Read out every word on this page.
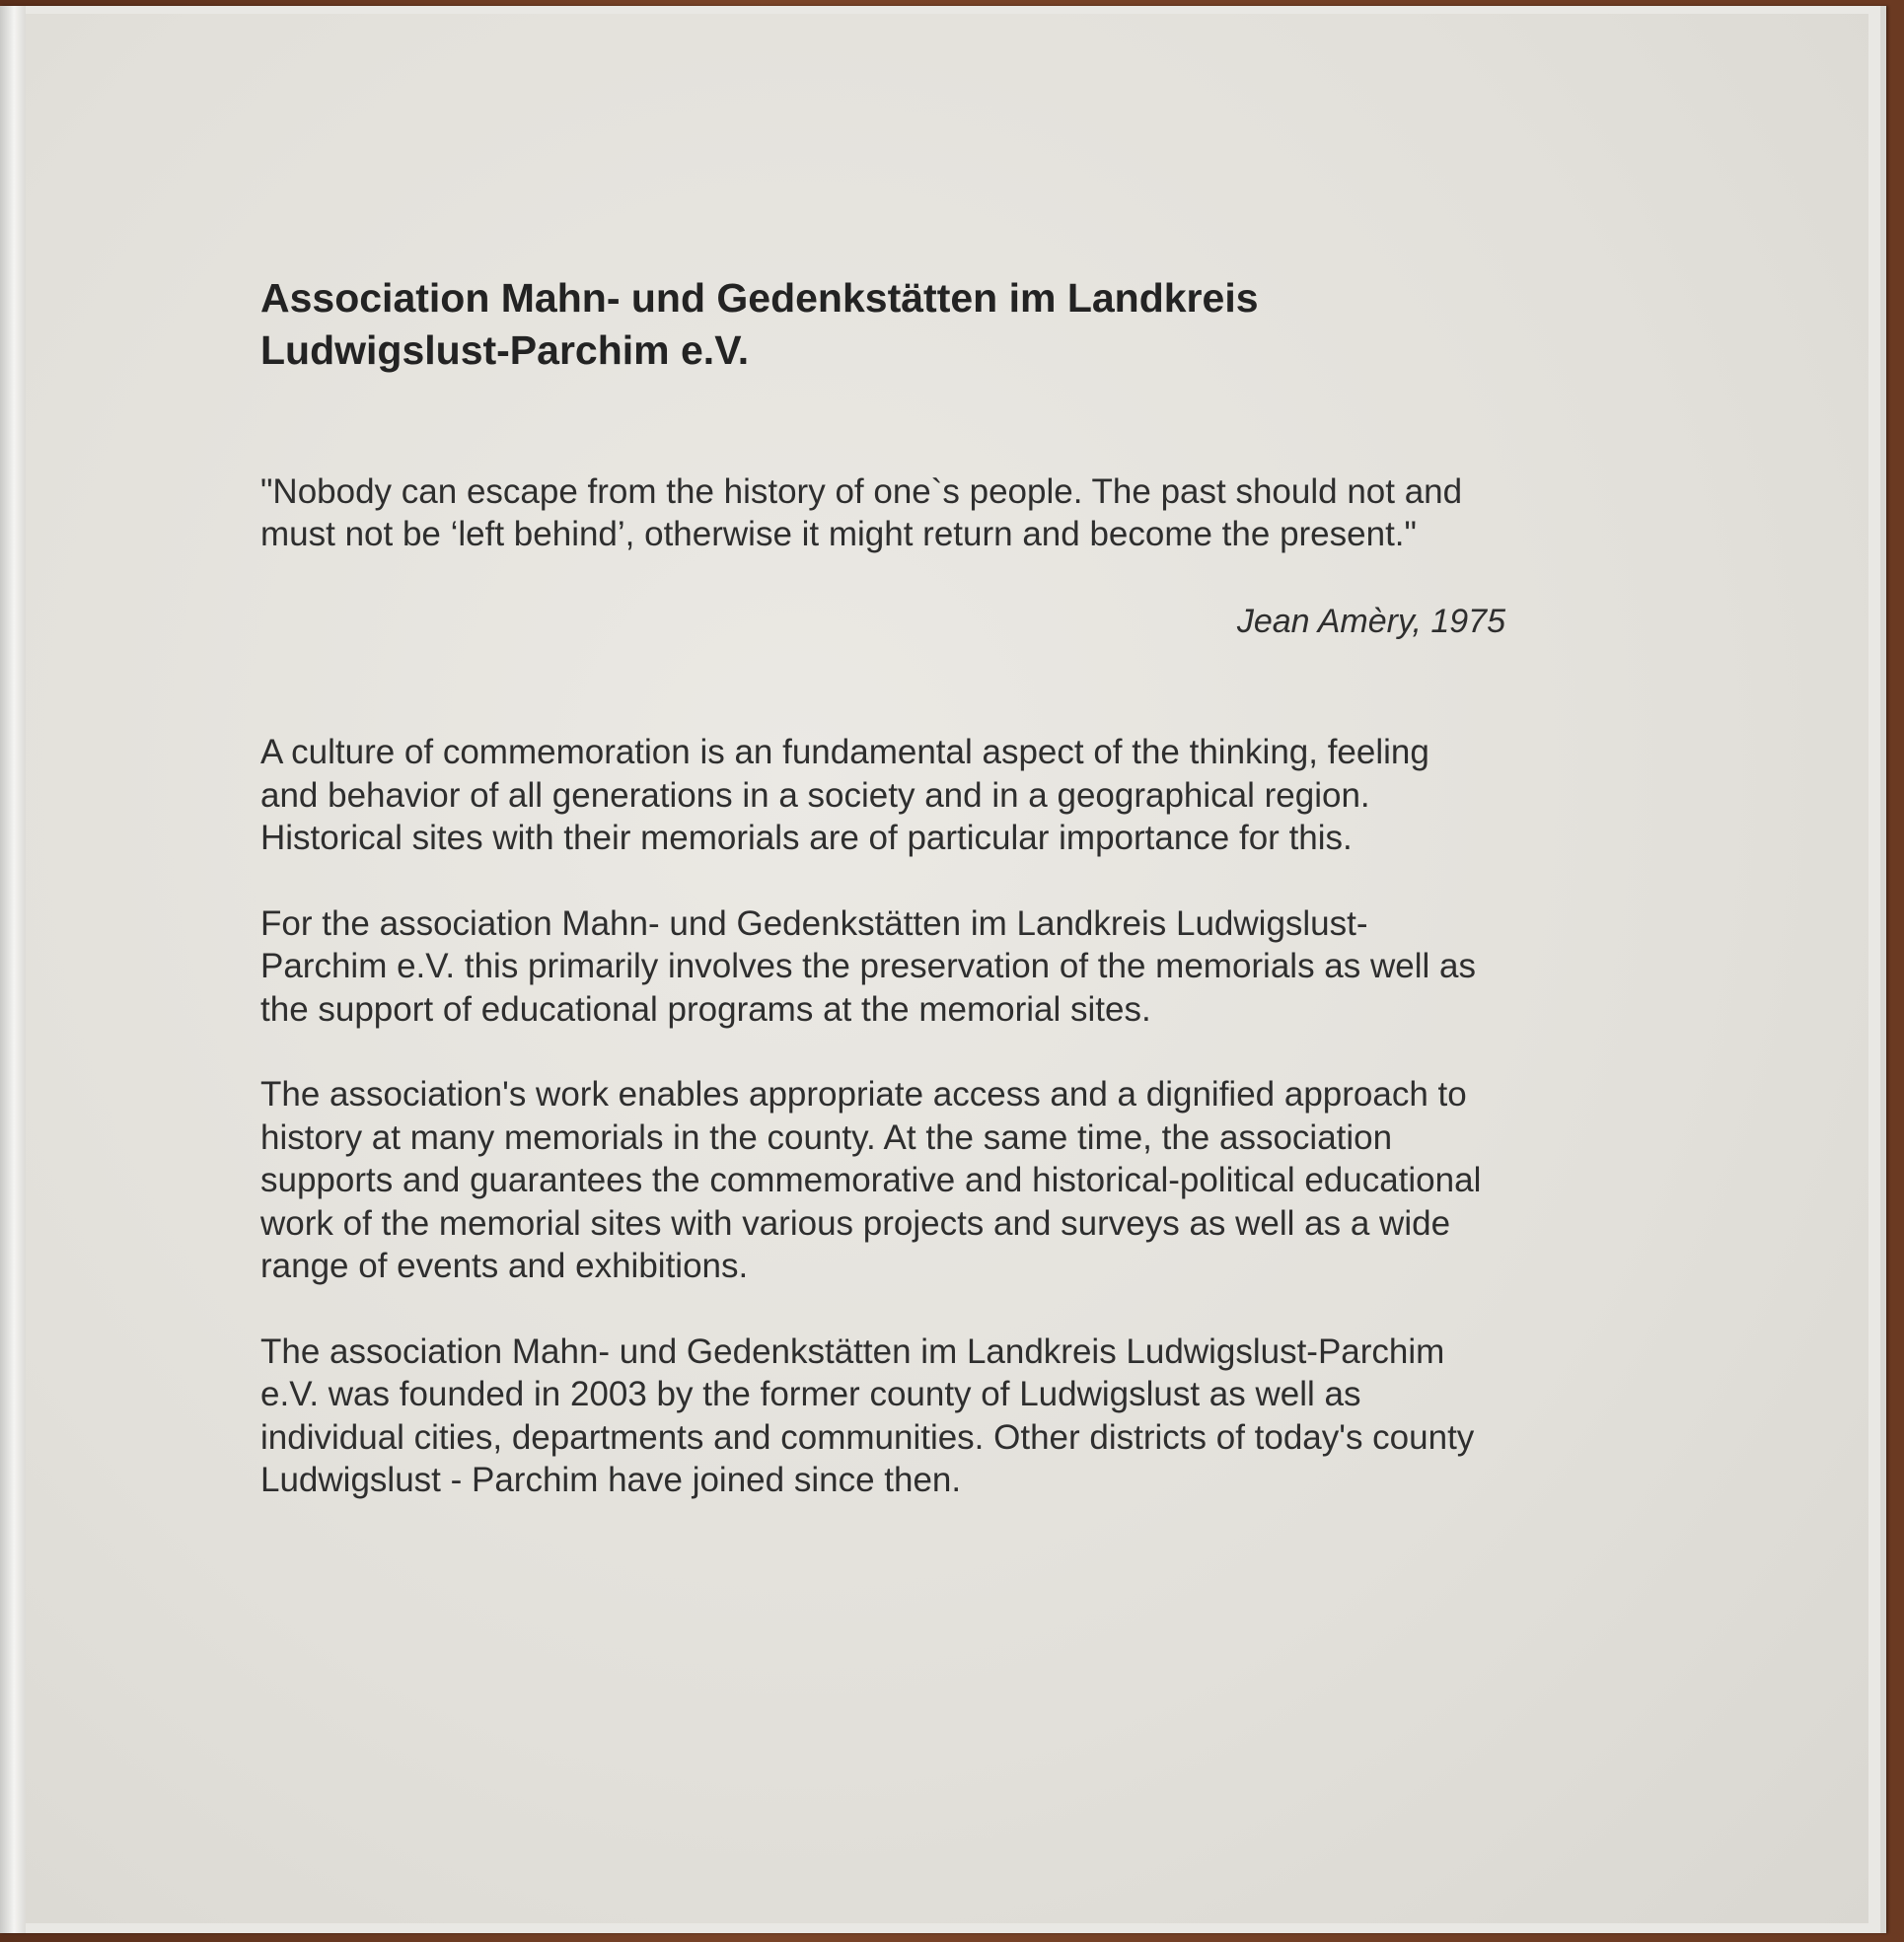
Association Mahn- und Gedenkstätten im Landkreis
Ludwigslust-Parchim e.V.

"Nobody can escape from the history of one`s people. The past should not and
must not be ‘left behind’, otherwise it might return and become the present."

Jean Amèry, 1975

A culture of commemoration is an fundamental aspect of the thinking, feeling
and behavior of all generations in a society and in a geographical region.
Historical sites with their memorials are of particular importance for this.

For the association Mahn- und Gedenkstätten im Landkreis Ludwigslust-
Parchim e.V. this primarily involves the preservation of the memorials as well as
the support of educational programs at the memorial sites.

The association's work enables appropriate access and a dignified approach to
history at many memorials in the county. At the same time, the association
supports and guarantees the commemorative and historical-political educational
work of the memorial sites with various projects and surveys as well as a wide
range of events and exhibitions.

The association Mahn- und Gedenkstätten im Landkreis Ludwigslust-Parchim
e.V. was founded in 2003 by the former county of Ludwigslust as well as
individual cities, departments and communities. Other districts of today's county
Ludwigslust - Parchim have joined since then.
